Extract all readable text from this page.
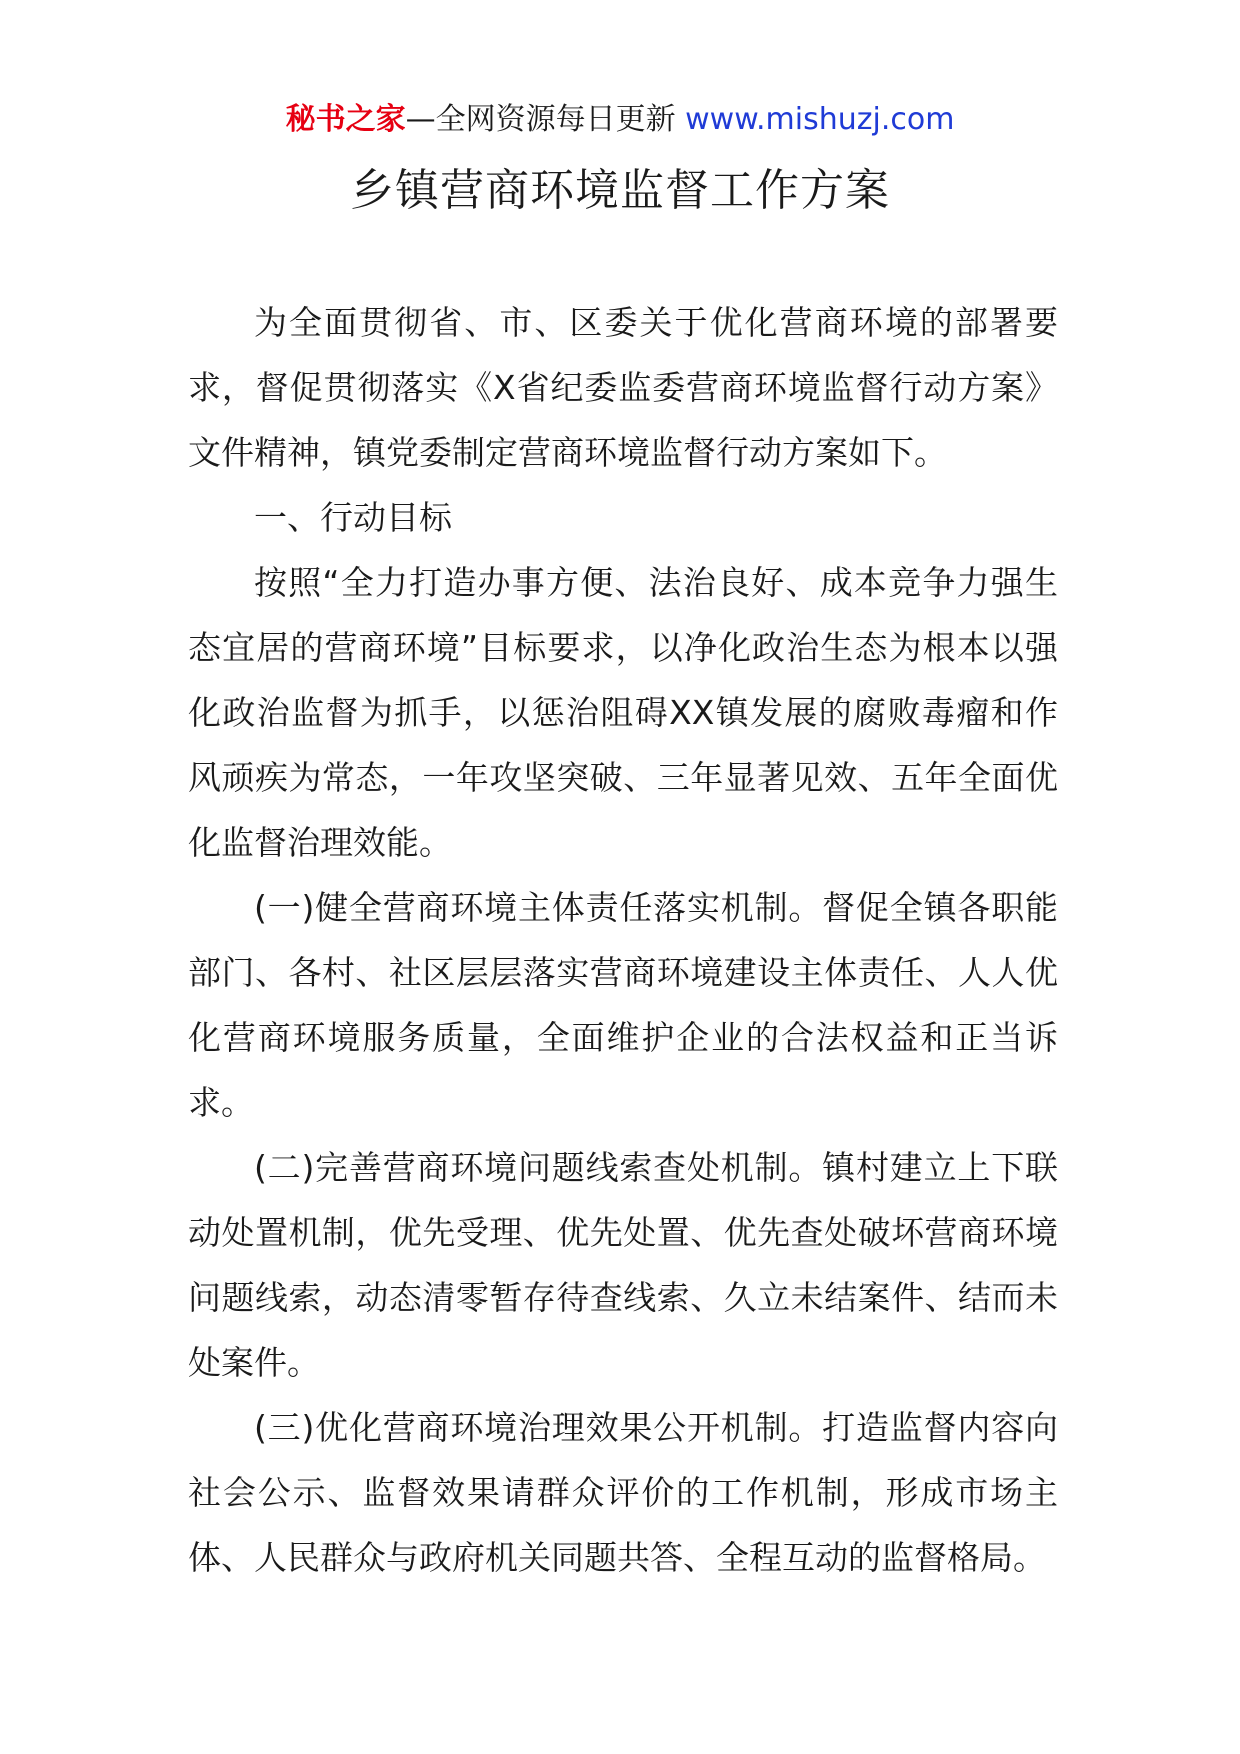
秘书之家—全网资源每日更新 www.mishuzj.com
乡镇营商环境监督工作方案

为全面贯彻省、市、区委关于优化营商环境的部署要求，督促贯彻落实《X省纪委监委营商环境监督行动方案》文件精神，镇党委制定营商环境监督行动方案如下。

一、行动目标

按照“全力打造办事方便、法治良好、成本竞争力强生态宜居的营商环境”目标要求，以净化政治生态为根本以强化政治监督为抓手，以惩治阻碍XX镇发展的腐败毒瘤和作风顽疾为常态，一年攻坚突破、三年显著见效、五年全面优化监督治理效能。

(一)健全营商环境主体责任落实机制。督促全镇各职能部门、各村、社区层层落实营商环境建设主体责任、人人优化营商环境服务质量，全面维护企业的合法权益和正当诉求。

(二)完善营商环境问题线索查处机制。镇村建立上下联动处置机制，优先受理、优先处置、优先查处破坏营商环境问题线索，动态清零暂存待查线索、久立未结案件、结而未处案件。

(三)优化营商环境治理效果公开机制。打造监督内容向社会公示、监督效果请群众评价的工作机制，形成市场主体、人民群众与政府机关同题共答、全程互动的监督格局。
